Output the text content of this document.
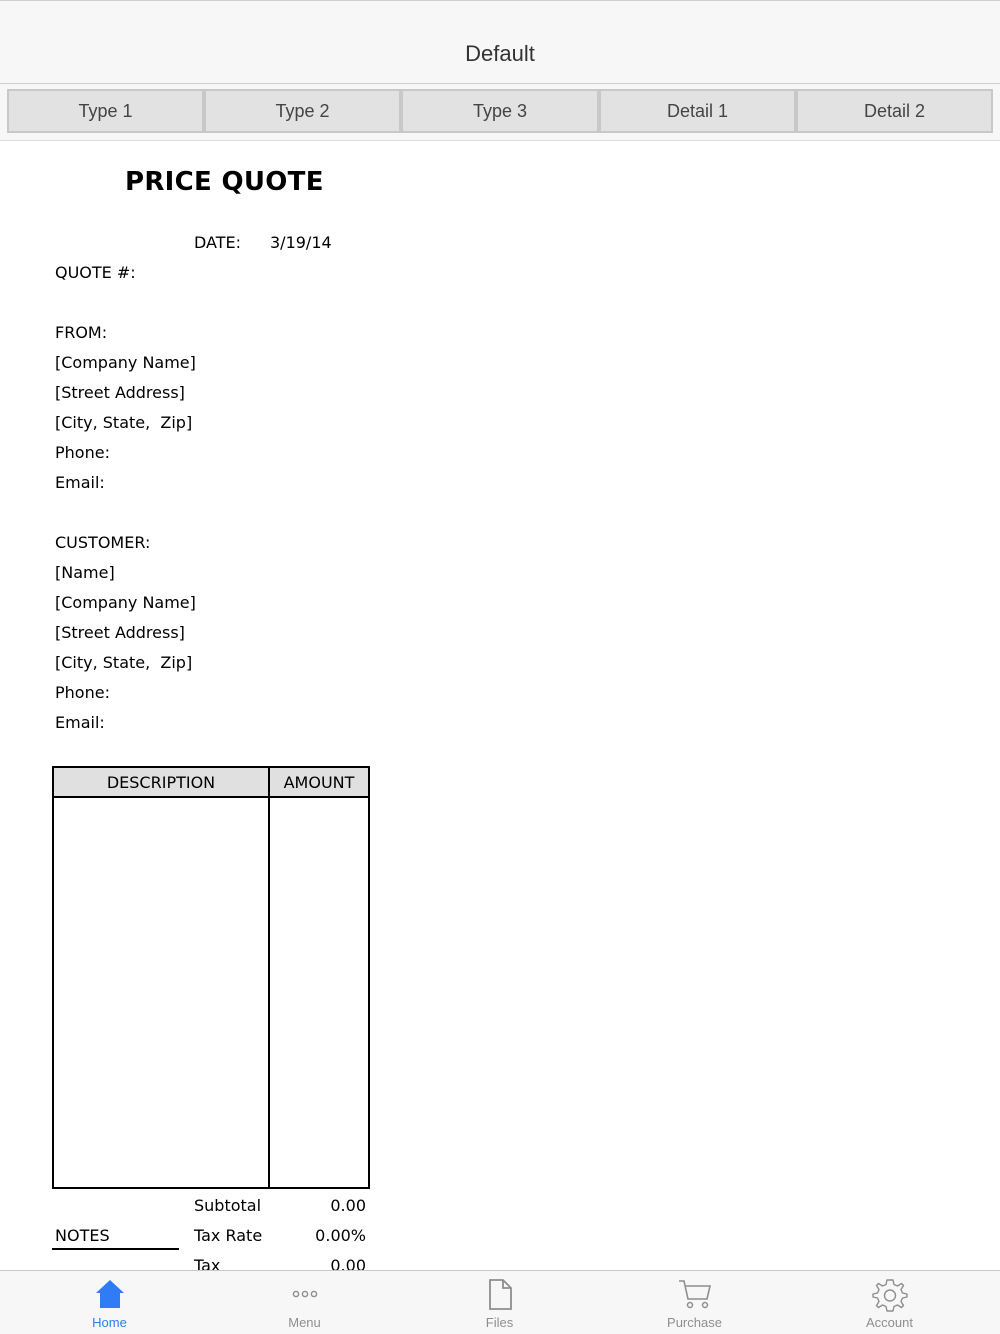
Default
Type 1	Type 2	Type 3	Detail 1	Detail 2
PRICE QUOTE
DATE: 3/19/14
QUOTE #:
FROM:
[Company Name]
[Street Address]
[City, State,  Zip]
Phone:
Email:
CUSTOMER:
[Name]
[Company Name]
[Street Address]
[City, State,  Zip]
Phone:
Email:
DESCRIPTION	AMOUNT
Subtotal	0.00
Tax Rate	0.00%
Tax	0.00
NOTES
Home	Menu	Files	Purchase	Account
